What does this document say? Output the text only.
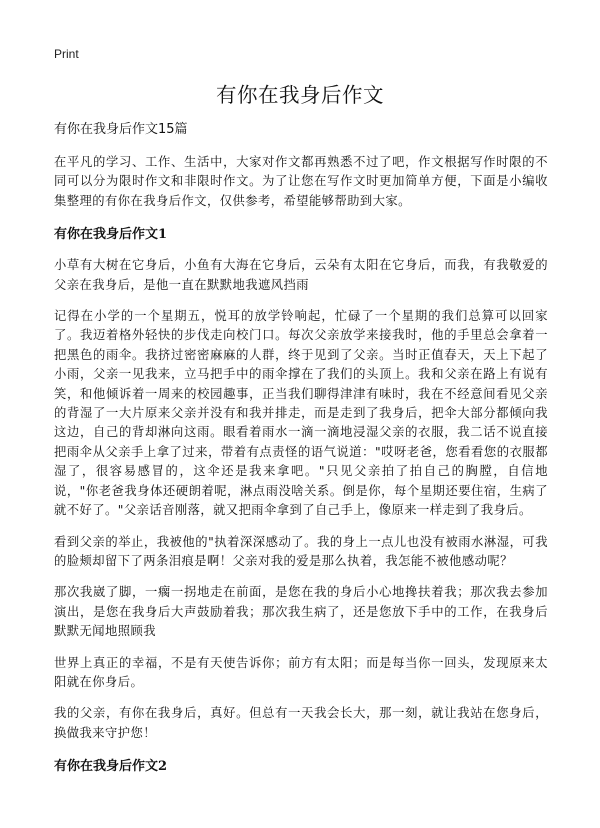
Print
有你在我身后作文

有你在我身后作文15篇

在平凡的学习、工作、生活中，大家对作文都再熟悉不过了吧，作文根据写作时限的不同可以分为限时作文和非限时作文。为了让您在写作文时更加简单方便，下面是小编收集整理的有你在我身后作文，仅供参考，希望能够帮助到大家。

有你在我身后作文1

小草有大树在它身后，小鱼有大海在它身后，云朵有太阳在它身后，而我，有我敬爱的父亲在我身后，是他一直在默默地我遮风挡雨

记得在小学的一个星期五，悦耳的放学铃响起，忙碌了一个星期的我们总算可以回家了。我迈着格外轻快的步伐走向校门口。每次父亲放学来接我时，他的手里总会拿着一把黑色的雨伞。我挤过密密麻麻的人群，终于见到了父亲。当时正值春天，天上下起了小雨，父亲一见我来，立马把手中的雨伞撑在了我们的头顶上。我和父亲在路上有说有笑，和他倾诉着一周来的校园趣事，正当我们聊得津津有味时，我在不经意间看见父亲的背湿了一大片原来父亲并没有和我并排走，而是走到了我身后，把伞大部分都倾向我这边，自己的背却淋向这雨。眼看着雨水一滴一滴地浸湿父亲的衣服，我二话不说直接把雨伞从父亲手上拿了过来，带着有点责怪的语气说道："哎呀老爸，您看看您的衣服都湿了，很容易感冒的，这伞还是我来拿吧。"只见父亲拍了拍自己的胸膛，自信地说，"你老爸我身体还硬朗着呢，淋点雨没啥关系。倒是你，每个星期还要住宿，生病了就不好了。"父亲话音刚落，就又把雨伞拿到了自己手上，像原来一样走到了我身后。

看到父亲的举止，我被他的"执着深深感动了。我的身上一点儿也没有被雨水淋湿，可我的脸颊却留下了两条泪痕是啊！父亲对我的爱是那么执着，我怎能不被他感动呢？

那次我崴了脚，一瘸一拐地走在前面，是您在我的身后小心地搀扶着我；那次我去参加演出，是您在我身后大声鼓励着我；那次我生病了，还是您放下手中的工作，在我身后默默无闻地照顾我

世界上真正的幸福，不是有天使告诉你；前方有太阳；而是每当你一回头，发现原来太阳就在你身后。

我的父亲，有你在我身后，真好。但总有一天我会长大，那一刻，就让我站在您身后，换做我来守护您！

有你在我身后作文2
